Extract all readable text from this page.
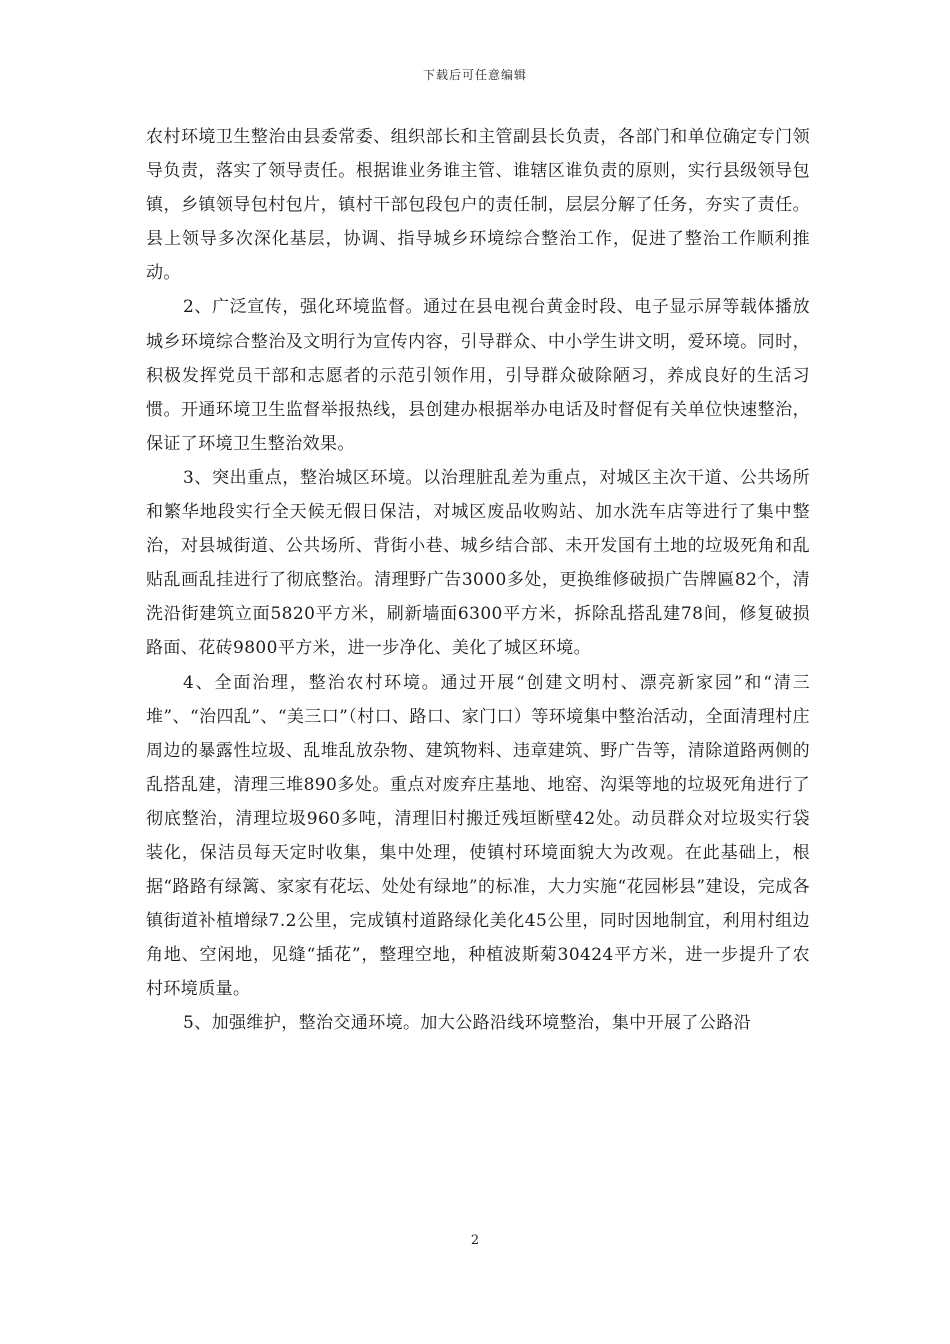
下载后可任意编辑

农村环境卫生整治由县委常委、组织部长和主管副县长负责，各部门和单位确定专门领导负责，落实了领导责任。根据谁业务谁主管、谁辖区谁负责的原则，实行县级领导包镇，乡镇领导包村包片，镇村干部包段包户的责任制，层层分解了任务，夯实了责任。县上领导多次深化基层，协调、指导城乡环境综合整治工作，促进了整治工作顺利推动。

2、广泛宣传，强化环境监督。通过在县电视台黄金时段、电子显示屏等载体播放城乡环境综合整治及文明行为宣传内容，引导群众、中小学生讲文明，爱环境。同时，积极发挥党员干部和志愿者的示范引领作用，引导群众破除陋习，养成良好的生活习惯。开通环境卫生监督举报热线，县创建办根据举办电话及时督促有关单位快速整治，保证了环境卫生整治效果。

3、突出重点，整治城区环境。以治理脏乱差为重点，对城区主次干道、公共场所和繁华地段实行全天候无假日保洁，对城区废品收购站、加水洗车店等进行了集中整治，对县城街道、公共场所、背街小巷、城乡结合部、未开发国有土地的垃圾死角和乱贴乱画乱挂进行了彻底整治。清理野广告3000多处，更换维修破损广告牌匾82个，清洗沿街建筑立面5820平方米，刷新墙面6300平方米，拆除乱搭乱建78间，修复破损路面、花砖9800平方米，进一步净化、美化了城区环境。

4、全面治理，整治农村环境。通过开展“创建文明村、漂亮新家园”和“清三堆”、“治四乱”、“美三口”（村口、路口、家门口）等环境集中整治活动，全面清理村庄周边的暴露性垃圾、乱堆乱放杂物、建筑物料、违章建筑、野广告等，清除道路两侧的乱搭乱建，清理三堆890多处。重点对废弃庄基地、地窑、沟渠等地的垃圾死角进行了彻底整治，清理垃圾960多吨，清理旧村搬迁残垣断壁42处。动员群众对垃圾实行袋装化，保洁员每天定时收集，集中处理，使镇村环境面貌大为改观。在此基础上，根据“路路有绿篱、家家有花坛、处处有绿地”的标准，大力实施“花园彬县”建设，完成各镇街道补植增绿7.2公里，完成镇村道路绿化美化45公里，同时因地制宜，利用村组边角地、空闲地，见缝“插花”，整理空地，种植波斯菊30424平方米，进一步提升了农村环境质量。

5、加强维护，整治交通环境。加大公路沿线环境整治，集中开展了公路沿

2
